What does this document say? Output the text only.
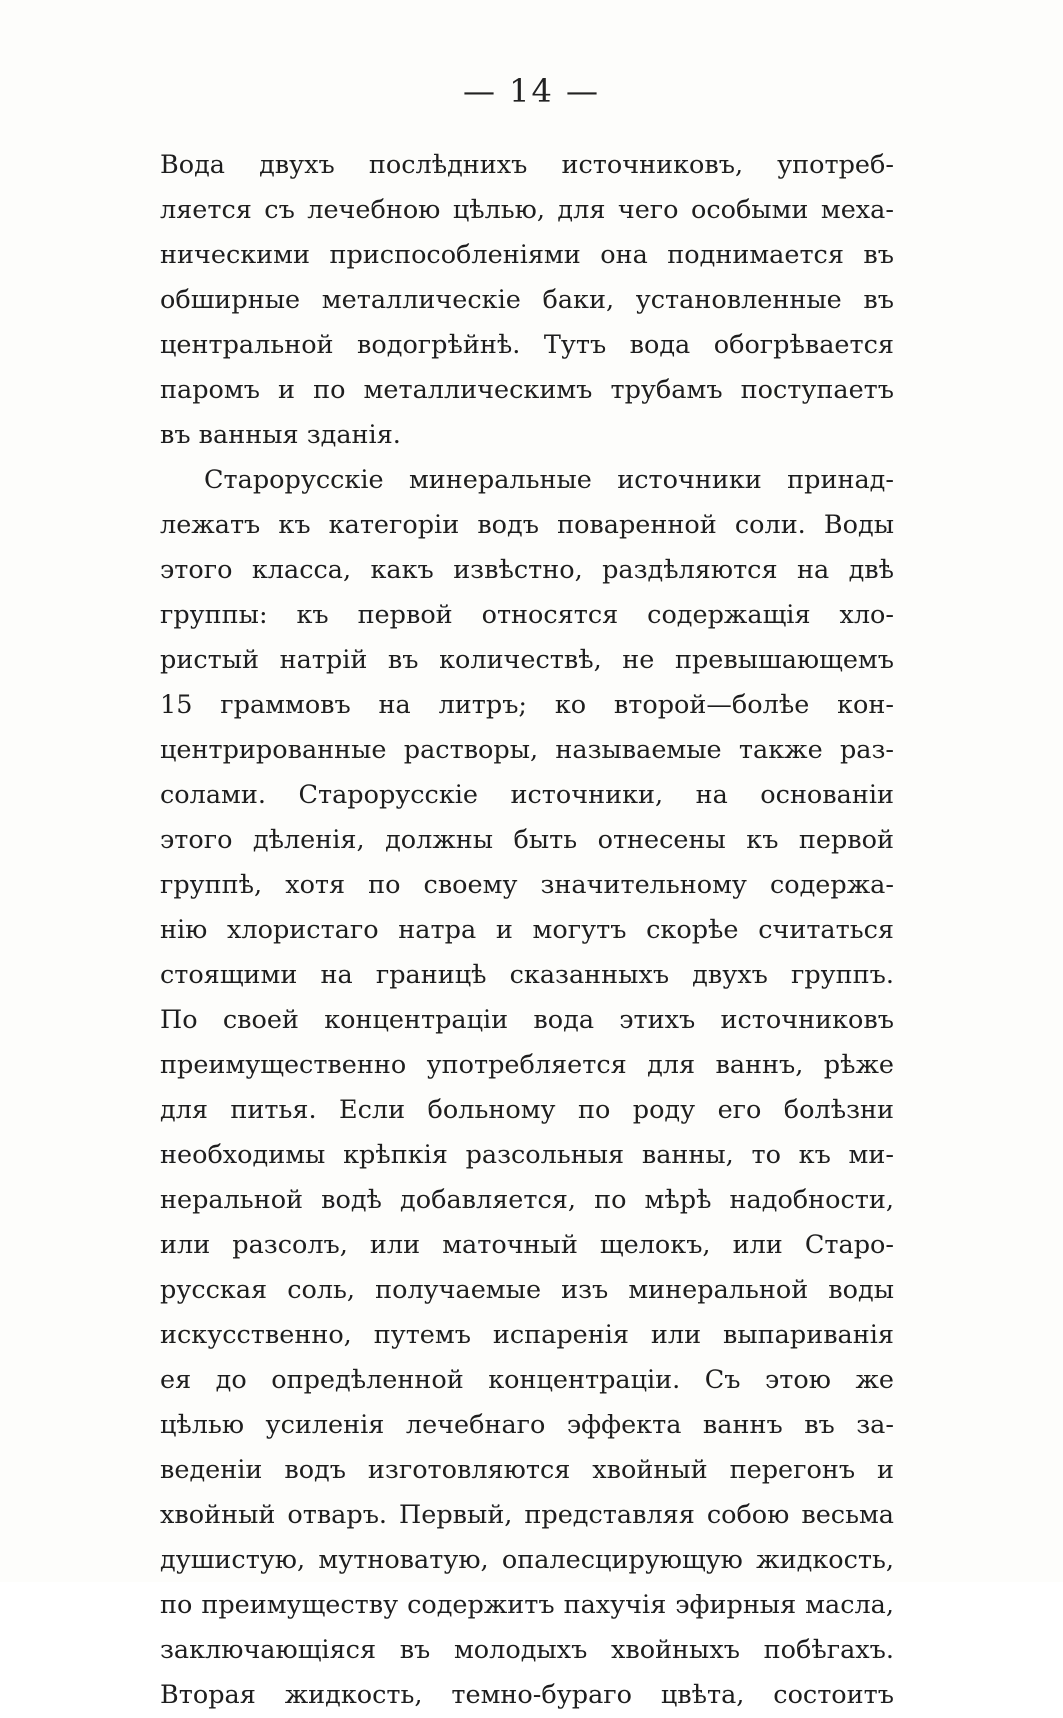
— 14 —
Вода двухъ послѣднихъ источниковъ, употреб-
ляется съ лечебною цѣлью, для чего особыми меха-
ническими приспособленіями она поднимается въ
обширные металлическіе баки, установленные въ
центральной водогрѣйнѣ. Тутъ вода обогрѣвается
паромъ и по металлическимъ трубамъ поступаетъ
въ ванныя зданія.
Старорусскіе минеральные источники принад-
лежатъ къ категоріи водъ поваренной соли. Воды
этого класса, какъ извѣстно, раздѣляются на двѣ
группы: къ первой относятся содержащія хло-
ристый натрій въ количествѣ, не превышающемъ
15 граммовъ на литръ; ко второй—болѣе кон-
центрированные растворы, называемые также раз-
солами. Старорусскіе источники, на основаніи
этого дѣленія, должны быть отнесены къ первой
группѣ, хотя по своему значительному содержа-
нію хлористаго натра и могутъ скорѣе считаться
стоящими на границѣ сказанныхъ двухъ группъ.
По своей концентраціи вода этихъ источниковъ
преимущественно употребляется для ваннъ, рѣже
для питья. Если больному по роду его болѣзни
необходимы крѣпкія разсольныя ванны, то къ ми-
неральной водѣ добавляется, по мѣрѣ надобности,
или разсолъ, или маточный щелокъ, или Старо-
русская соль, получаемые изъ минеральной воды
искусственно, путемъ испаренія или выпариванія
ея до опредѣленной концентраціи. Съ этою же
цѣлью усиленія лечебнаго эффекта ваннъ въ за-
веденіи водъ изготовляются хвойный перегонъ и
хвойный отваръ. Первый, представляя собою весьма
душистую, мутноватую, опалесцирующую жидкость,
по преимуществу содержитъ пахучія эфирныя масла,
заключающіяся въ молодыхъ хвойныхъ побѣгахъ.
Вторая жидкость, темно-бураго цвѣта, состоитъ
